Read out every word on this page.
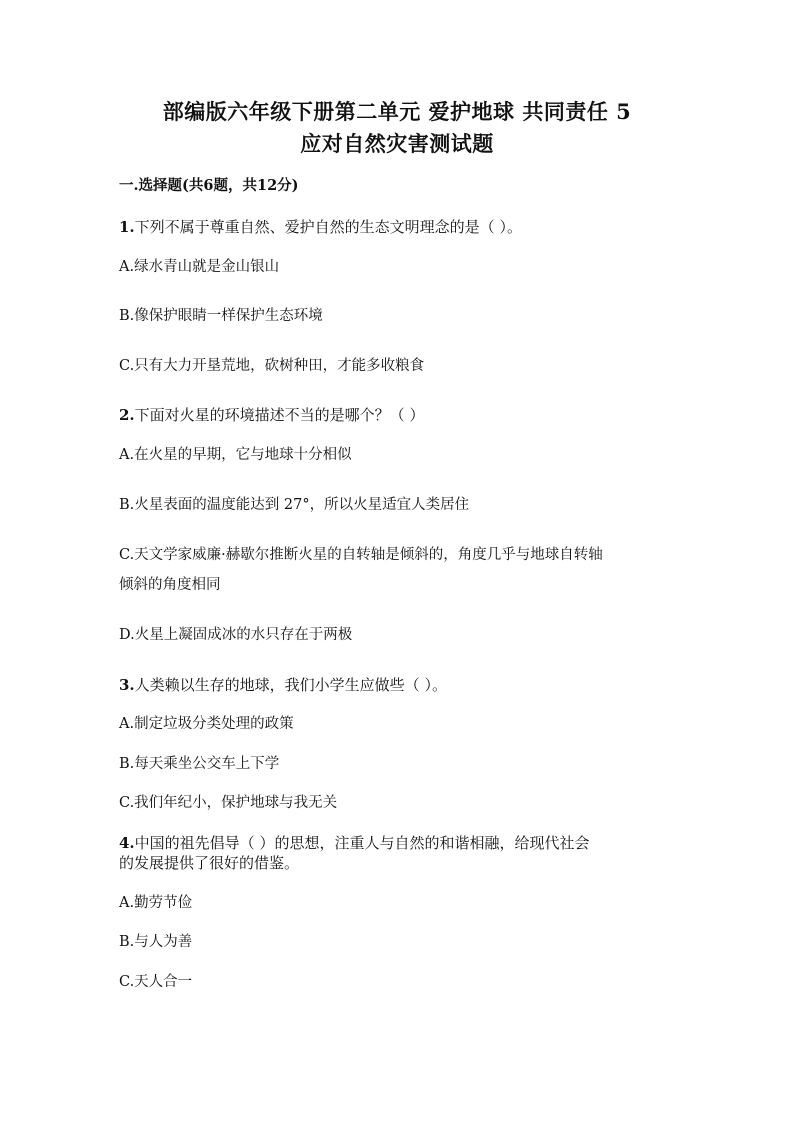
部编版六年级下册第二单元 爱护地球 共同责任 5
应对自然灾害测试题
一.选择题(共6题，共12分)
1.下列不属于尊重自然、爱护自然的生态文明理念的是（ ）。
A.绿水青山就是金山银山
B.像保护眼睛一样保护生态环境
C.只有大力开垦荒地，砍树种田，才能多收粮食
2.下面对火星的环境描述不当的是哪个？（ ）
A.在火星的早期，它与地球十分相似
B.火星表面的温度能达到 27°，所以火星适宜人类居住
C.天文学家威廉·赫歇尔推断火星的自转轴是倾斜的，角度几乎与地球自转轴
倾斜的角度相同
D.火星上凝固成冰的水只存在于两极
3.人类赖以生存的地球，我们小学生应做些（ ）。
A.制定垃圾分类处理的政策
B.每天乘坐公交车上下学
C.我们年纪小，保护地球与我无关
4.中国的祖先倡导（ ）的思想，注重人与自然的和谐相融，给现代社会
的发展提供了很好的借鉴。
A.勤劳节俭
B.与人为善
C.天人合一
